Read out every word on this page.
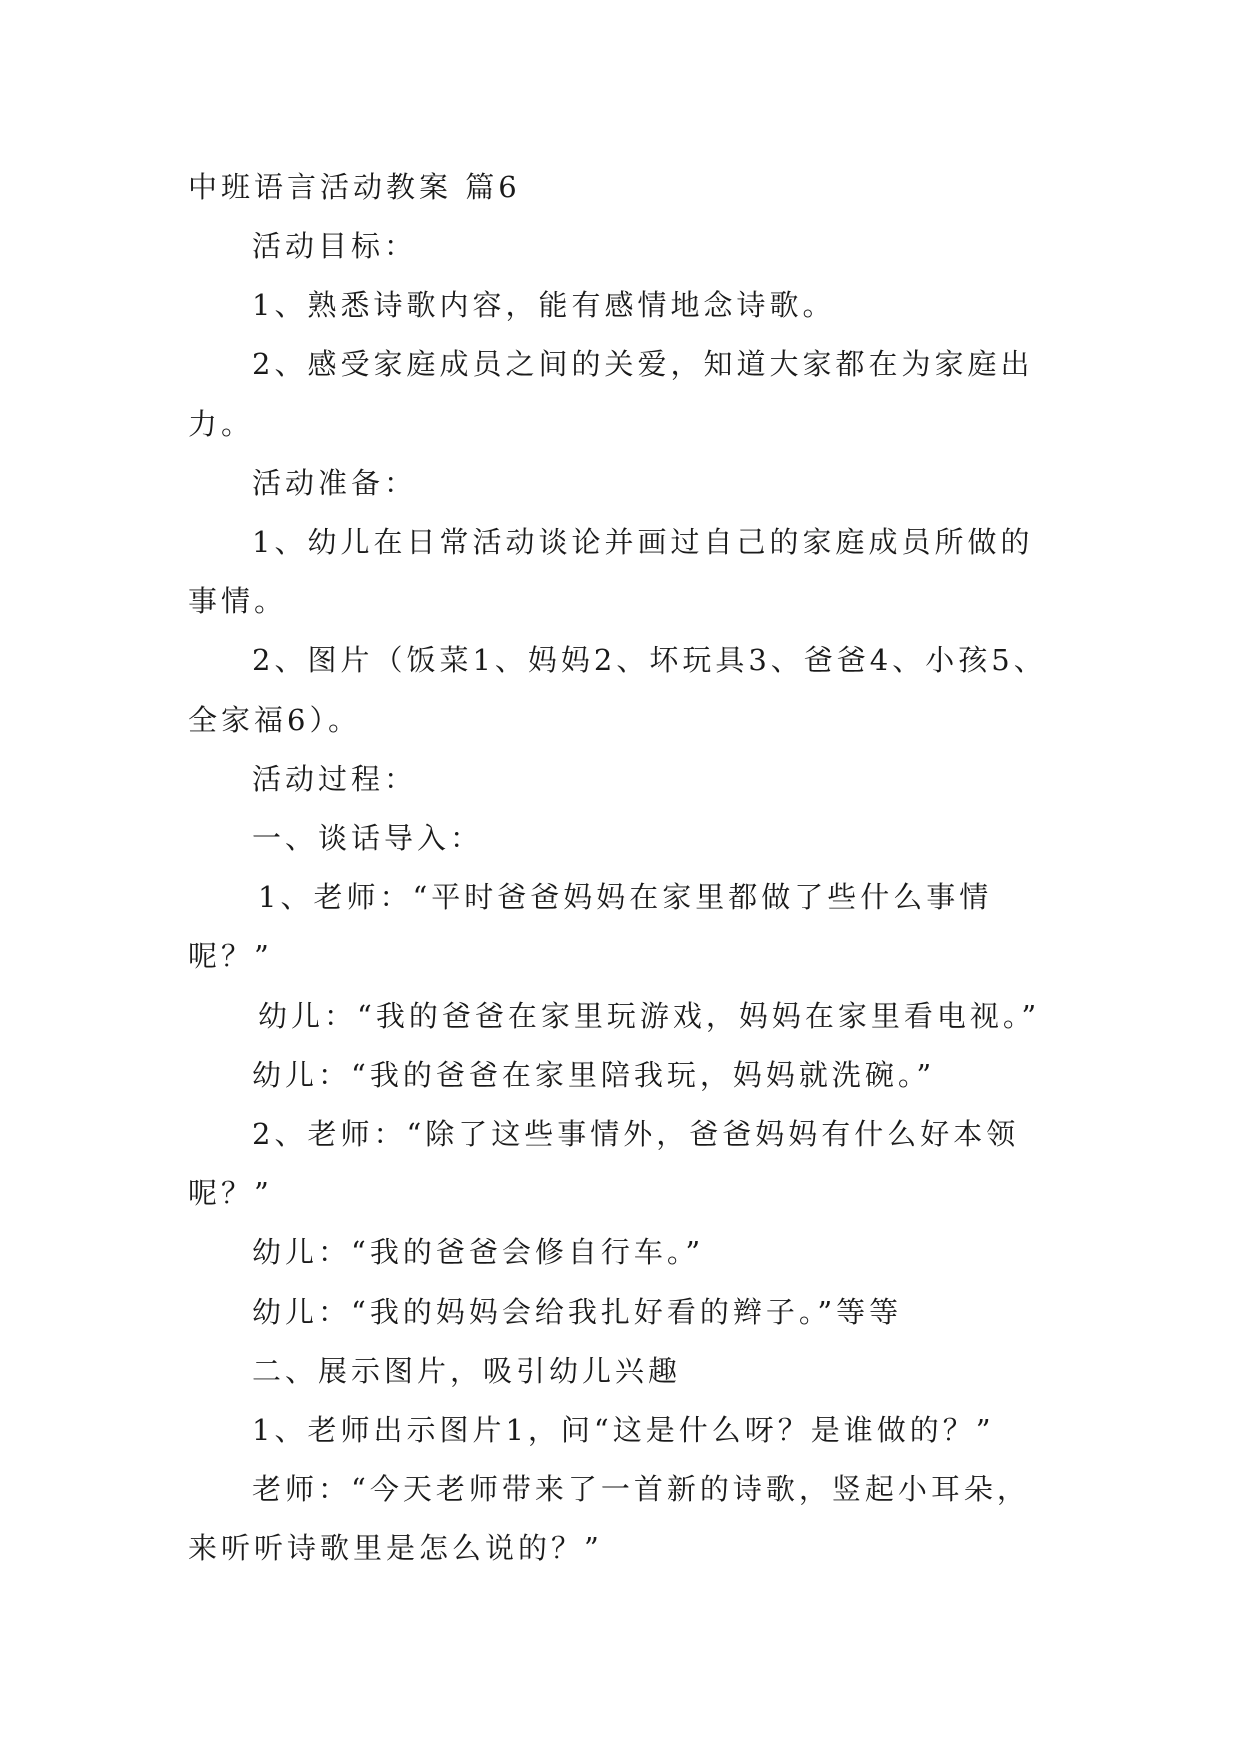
中班语言活动教案 篇6
活动目标：
1、熟悉诗歌内容，能有感情地念诗歌。
2、感受家庭成员之间的关爱，知道大家都在为家庭出
力。
活动准备：
1、幼儿在日常活动谈论并画过自己的家庭成员所做的
事情。
2、图片（饭菜1、妈妈2、坏玩具3、爸爸4、小孩5、
全家福6）。
活动过程：
一、谈话导入：
1、老师：“平时爸爸妈妈在家里都做了些什么事情
呢？”
幼儿：“我的爸爸在家里玩游戏，妈妈在家里看电视。”
幼儿：“我的爸爸在家里陪我玩，妈妈就洗碗。”
2、老师：“除了这些事情外，爸爸妈妈有什么好本领
呢？”
幼儿：“我的爸爸会修自行车。”
幼儿：“我的妈妈会给我扎好看的辫子。”等等
二、展示图片，吸引幼儿兴趣
1、老师出示图片1，问“这是什么呀？是谁做的？”
老师：“今天老师带来了一首新的诗歌，竖起小耳朵，
来听听诗歌里是怎么说的？”
